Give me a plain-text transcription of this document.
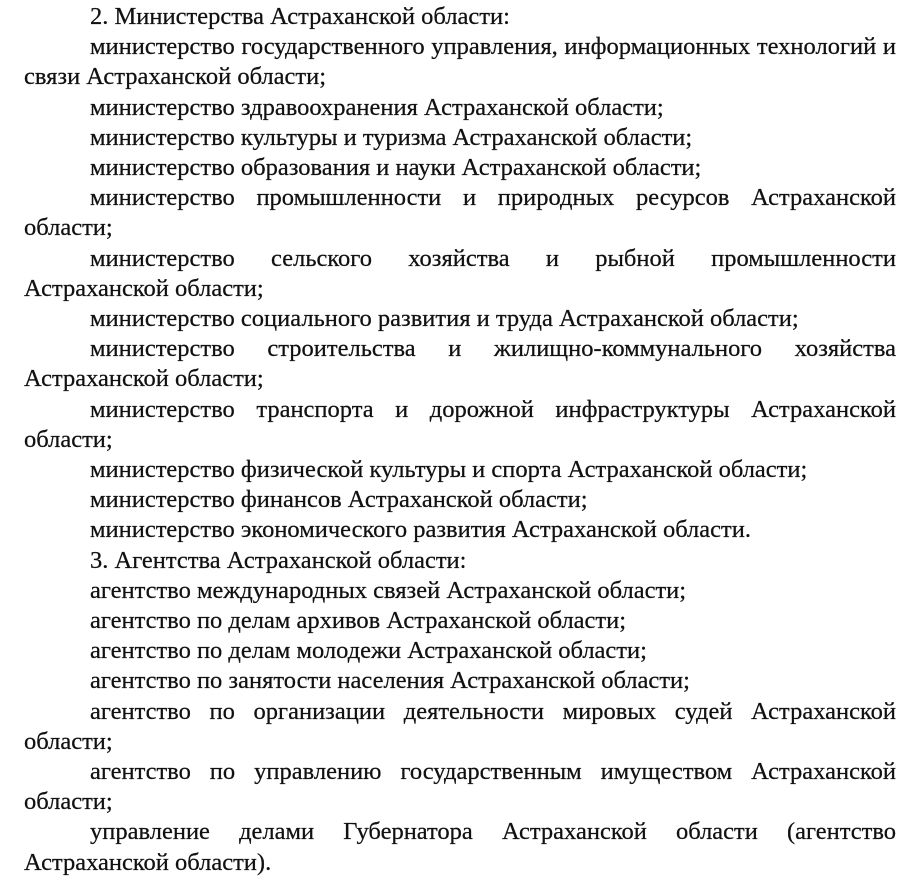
2. Министерства Астраханской области:

министерство государственного управления, информационных технологий и связи Астраханской области;

министерство здравоохранения Астраханской области;

министерство культуры и туризма Астраханской области;

министерство образования и науки Астраханской области;

министерство промышленности и природных ресурсов Астраханской области;

министерство сельского хозяйства и рыбной промышленности Астраханской области;

министерство социального развития и труда Астраханской области;

министерство строительства и жилищно-коммунального хозяйства Астраханской области;

министерство транспорта и дорожной инфраструктуры Астраханской области;

министерство физической культуры и спорта Астраханской области;

министерство финансов Астраханской области;

министерство экономического развития Астраханской области.

3. Агентства Астраханской области:

агентство международных связей Астраханской области;

агентство по делам архивов Астраханской области;

агентство по делам молодежи Астраханской области;

агентство по занятости населения Астраханской области;

агентство по организации деятельности мировых судей Астраханской области;

агентство по управлению государственным имуществом Астраханской области;

управление делами Губернатора Астраханской области (агентство Астраханской области).
